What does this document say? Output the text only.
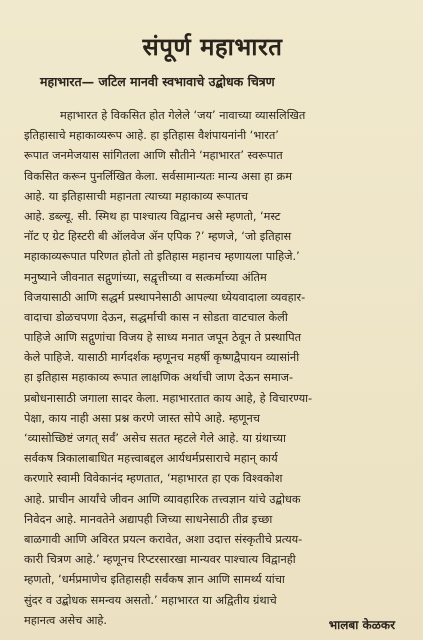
संपूर्ण महाभारत
महाभारत— जटिल मानवी स्वभावाचे उद्बोधक चित्रण
महाभारत हे विकसित होत गेलेले ‘जय’ नावाच्या व्यासलिखित
इतिहासाचे महाकाव्यरूप आहे. हा इतिहास वैशंपायनांनी ‘भारत’
रूपात जनमेजयास सांगितला आणि सौतीने ‘महाभारत’ स्वरूपात
विकसित करून पुनर्लिखित केला. सर्वसामान्यतः मान्य असा हा क्रम
आहे. या इतिहासाची महानता त्याच्या महाकाव्य रूपातच
आहे. डब्ल्यू. सी. स्मिथ हा पाश्चात्य विद्वानच असे म्हणतो, ‘मस्ट
नॉट ए ग्रेट हिस्टरी बी ऑलवेज ॲन एपिक ?’ म्हणजे, ‘जो इतिहास
महाकाव्यरूपात परिणत होतो तो इतिहास महानच म्हणायला पाहिजे.’
मनुष्याने जीवनात सद्गुणांच्या, सद्वृत्तीच्या व सत्कर्माच्या अंतिम
विजयासाठी आणि सद्धर्म प्रस्थापनेसाठी आपल्या ध्येयवादाला व्यवहार-
वादाचा डोळचपणा देऊन, सद्धर्माची कास न सोडता वाटचाल केली
पाहिजे आणि सद्गुणांचा विजय हे साध्य मनात जपून ठेवून ते प्रस्थापित
केले पाहिजे. यासाठी मार्गदर्शक म्हणूनच महर्षी कृष्णद्वैपायन व्यासांनी
हा इतिहास महाकाव्य रूपात लाक्षणिक अर्थाची जाण देऊन समाज-
प्रबोधनासाठी जगाला सादर केला. महाभारतात काय आहे, हे विचारण्या-
पेक्षा, काय नाही असा प्रश्न करणे जास्त सोपे आहे. म्हणूनच
‘व्यासोच्छिष्टं जगत् सर्वं’ असेच सतत म्हटले गेले आहे. या ग्रंथाच्या
सर्वकष त्रिकालाबाधित महत्त्वाबद्दल आर्यधर्मप्रसाराचे महान् कार्य
करणारे स्वामी विवेकानंद म्हणतात, ‘महाभारत हा एक विश्वकोश
आहे. प्राचीन आर्यांचे जीवन आणि व्यावहारिक तत्त्वज्ञान यांचे उद्बोधक
निवेदन आहे. मानवतेने अद्यापही जिच्या साधनेसाठी तीव्र इच्छा
बाळगावी आणि अविरत प्रयत्न करावेत, अशा उदात्त संस्कृतीचे प्रत्यय-
कारी चित्रण आहे.’ म्हणूनच रिप्टरसारखा मान्यवर पाश्चात्य विद्वानही
म्हणतो, ‘धर्मप्रमाणेच इतिहासही सर्वंकष ज्ञान आणि सामर्थ्य यांचा
सुंदर व उद्बोधक समन्वय असतो.’ महाभारत या अद्वितीय ग्रंथाचे
महानत्व असेच आहे.	भालबा केळकर
